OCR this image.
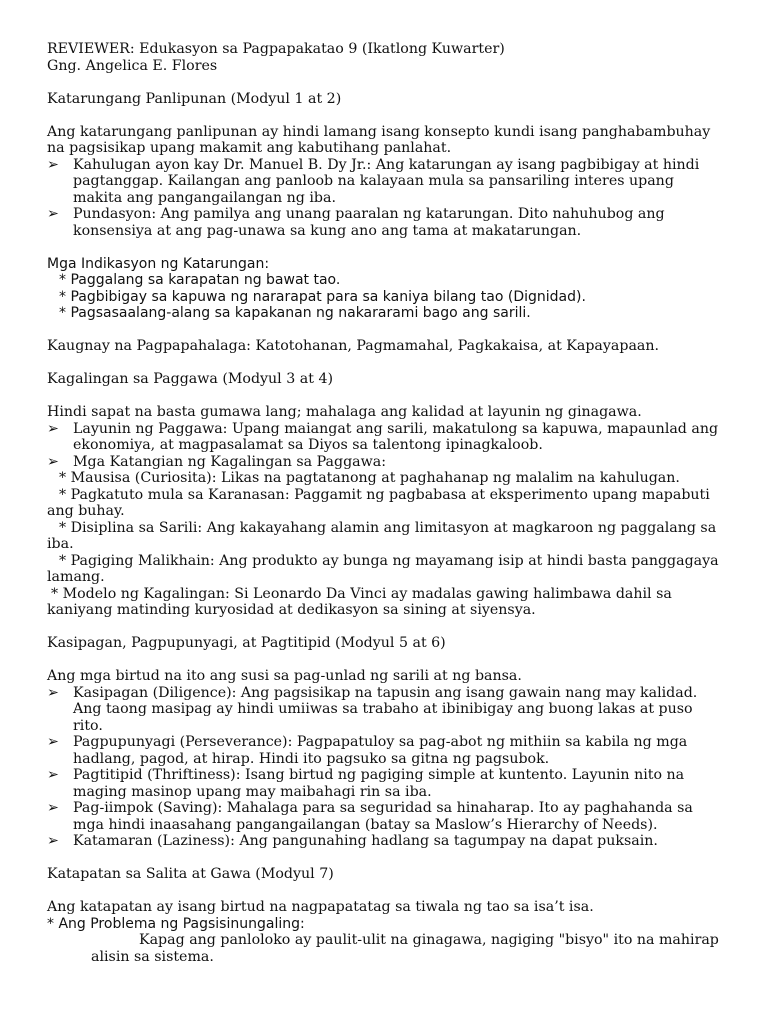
REVIEWER: Edukasyon sa Pagpapakatao 9 (Ikatlong Kuwarter)
Gng. Angelica E. Flores
Katarungang Panlipunan (Modyul 1 at 2)
Ang katarungang panlipunan ay hindi lamang isang konsepto kundi isang panghabambuhay
na pagsisikap upang makamit ang kabutihang panlahat.
➢ Kahulugan ayon kay Dr. Manuel B. Dy Jr.: Ang katarungan ay isang pagbibigay at hindi
pagtanggap. Kailangan ang panloob na kalayaan mula sa pansariling interes upang
makita ang pangangailangan ng iba.
➢ Pundasyon: Ang pamilya ang unang paaralan ng katarungan. Dito nahuhubog ang
konsensiya at ang pag-unawa sa kung ano ang tama at makatarungan.
Mga Indikasyon ng Katarungan:
* Paggalang sa karapatan ng bawat tao.
* Pagbibigay sa kapuwa ng nararapat para sa kaniya bilang tao (Dignidad).
* Pagsasaalang-alang sa kapakanan ng nakararami bago ang sarili.
Kaugnay na Pagpapahalaga: Katotohanan, Pagmamahal, Pagkakaisa, at Kapayapaan.
Kagalingan sa Paggawa (Modyul 3 at 4)
Hindi sapat na basta gumawa lang; mahalaga ang kalidad at layunin ng ginagawa.
➢ Layunin ng Paggawa: Upang maiangat ang sarili, makatulong sa kapuwa, mapaunlad ang
ekonomiya, at magpasalamat sa Diyos sa talentong ipinagkaloob.
➢ Mga Katangian ng Kagalingan sa Paggawa:
* Mausisa (Curiosita): Likas na pagtatanong at paghahanap ng malalim na kahulugan.
* Pagkatuto mula sa Karanasan: Paggamit ng pagbabasa at eksperimento upang mapabuti
ang buhay.
* Disiplina sa Sarili: Ang kakayahang alamin ang limitasyon at magkaroon ng paggalang sa
iba.
* Pagiging Malikhain: Ang produkto ay bunga ng mayamang isip at hindi basta panggagaya
lamang.
* Modelo ng Kagalingan: Si Leonardo Da Vinci ay madalas gawing halimbawa dahil sa
kaniyang matinding kuryosidad at dedikasyon sa sining at siyensya.
Kasipagan, Pagpupunyagi, at Pagtitipid (Modyul 5 at 6)
Ang mga birtud na ito ang susi sa pag-unlad ng sarili at ng bansa.
➢ Kasipagan (Diligence): Ang pagsisikap na tapusin ang isang gawain nang may kalidad.
Ang taong masipag ay hindi umiiwas sa trabaho at ibinibigay ang buong lakas at puso
rito.
➢ Pagpupunyagi (Perseverance): Pagpapatuloy sa pag-abot ng mithiin sa kabila ng mga
hadlang, pagod, at hirap. Hindi ito pagsuko sa gitna ng pagsubok.
➢ Pagtitipid (Thriftiness): Isang birtud ng pagiging simple at kuntento. Layunin nito na
maging masinop upang may maibahagi rin sa iba.
➢ Pag-iimpok (Saving): Mahalaga para sa seguridad sa hinaharap. Ito ay paghahanda sa
mga hindi inaasahang pangangailangan (batay sa Maslow’s Hierarchy of Needs).
➢ Katamaran (Laziness): Ang pangunahing hadlang sa tagumpay na dapat puksain.
Katapatan sa Salita at Gawa (Modyul 7)
Ang katapatan ay isang birtud na nagpapatatag sa tiwala ng tao sa isa’t isa.
* Ang Problema ng Pagsisinungaling:
Kapag ang panloloko ay paulit-ulit na ginagawa, nagiging "bisyo" ito na mahirap
alisin sa sistema.
